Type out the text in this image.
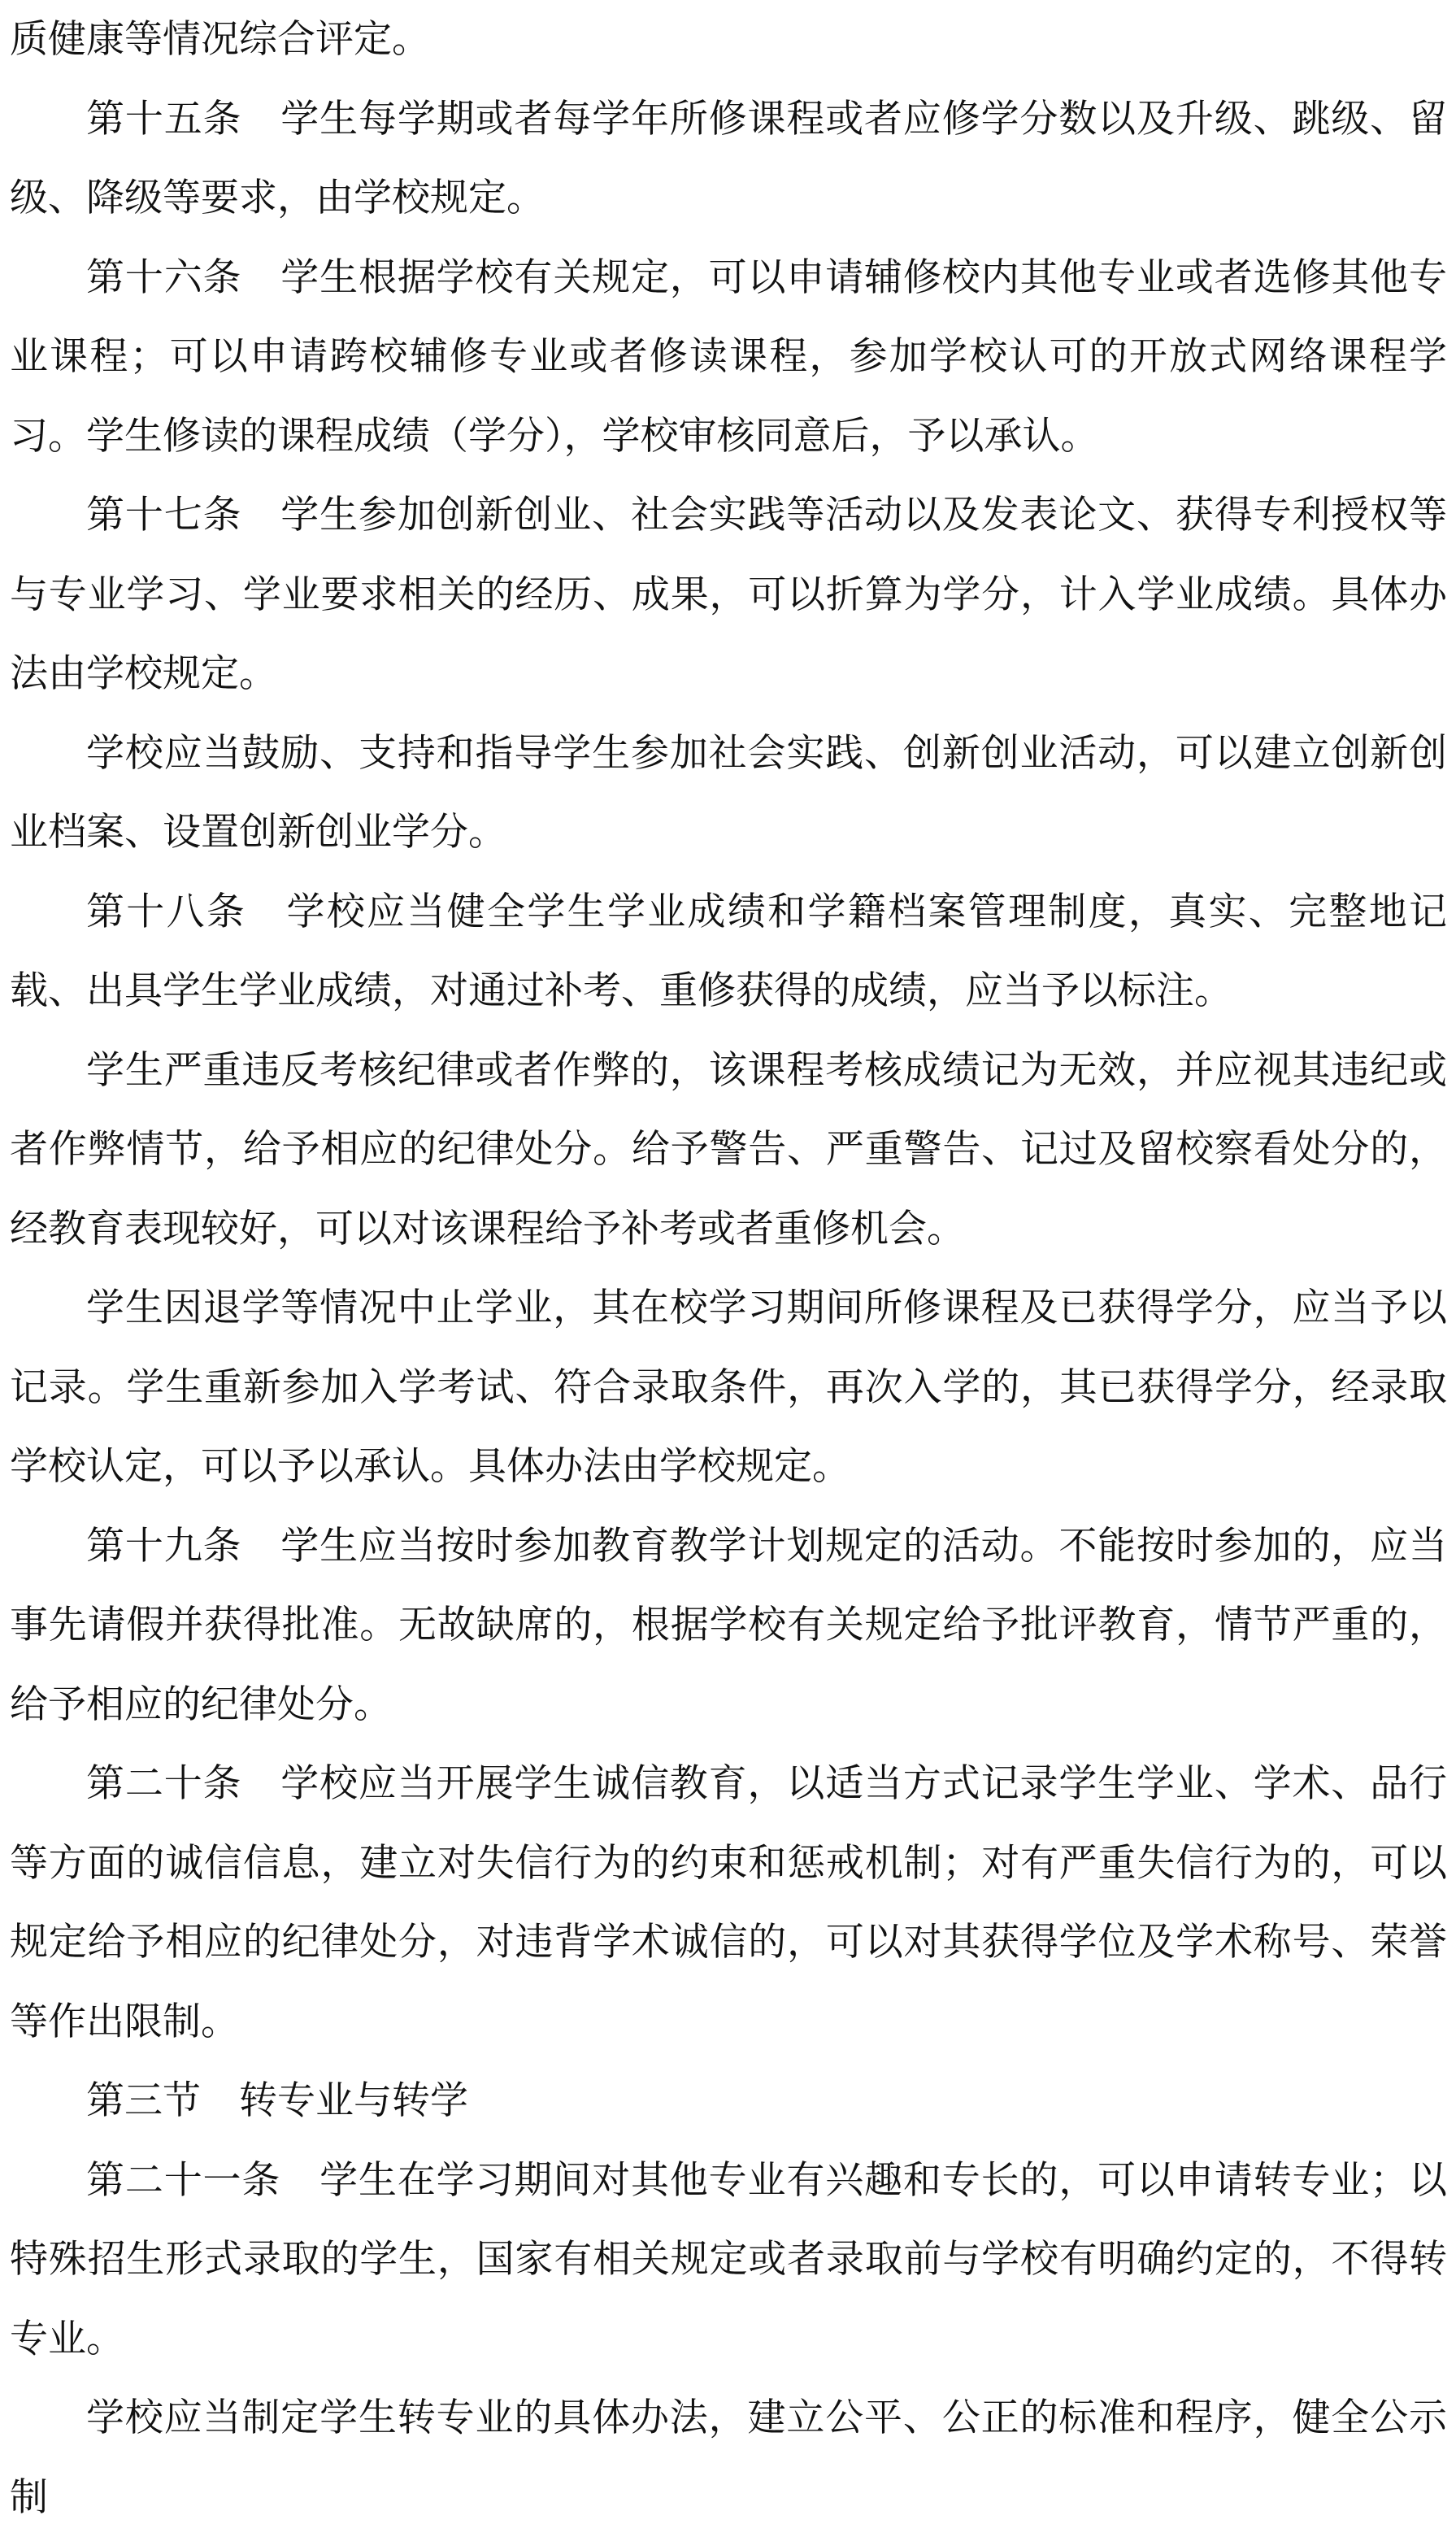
质健康等情况综合评定。

第十五条　学生每学期或者每学年所修课程或者应修学分数以及升级、跳级、留级、降级等要求，由学校规定。

第十六条　学生根据学校有关规定，可以申请辅修校内其他专业或者选修其他专业课程；可以申请跨校辅修专业或者修读课程，参加学校认可的开放式网络课程学习。学生修读的课程成绩（学分），学校审核同意后，予以承认。

第十七条　学生参加创新创业、社会实践等活动以及发表论文、获得专利授权等与专业学习、学业要求相关的经历、成果，可以折算为学分，计入学业成绩。具体办法由学校规定。

学校应当鼓励、支持和指导学生参加社会实践、创新创业活动，可以建立创新创业档案、设置创新创业学分。

第十八条　学校应当健全学生学业成绩和学籍档案管理制度，真实、完整地记载、出具学生学业成绩，对通过补考、重修获得的成绩，应当予以标注。

学生严重违反考核纪律或者作弊的，该课程考核成绩记为无效，并应视其违纪或者作弊情节，给予相应的纪律处分。给予警告、严重警告、记过及留校察看处分的，经教育表现较好，可以对该课程给予补考或者重修机会。

学生因退学等情况中止学业，其在校学习期间所修课程及已获得学分，应当予以记录。学生重新参加入学考试、符合录取条件，再次入学的，其已获得学分，经录取学校认定，可以予以承认。具体办法由学校规定。

第十九条　学生应当按时参加教育教学计划规定的活动。不能按时参加的，应当事先请假并获得批准。无故缺席的，根据学校有关规定给予批评教育，情节严重的，给予相应的纪律处分。

第二十条　学校应当开展学生诚信教育，以适当方式记录学生学业、学术、品行等方面的诚信信息，建立对失信行为的约束和惩戒机制；对有严重失信行为的，可以规定给予相应的纪律处分，对违背学术诚信的，可以对其获得学位及学术称号、荣誉等作出限制。

第三节　转专业与转学

第二十一条　学生在学习期间对其他专业有兴趣和专长的，可以申请转专业；以特殊招生形式录取的学生，国家有相关规定或者录取前与学校有明确约定的，不得转专业。

学校应当制定学生转专业的具体办法，建立公平、公正的标准和程序，健全公示制
